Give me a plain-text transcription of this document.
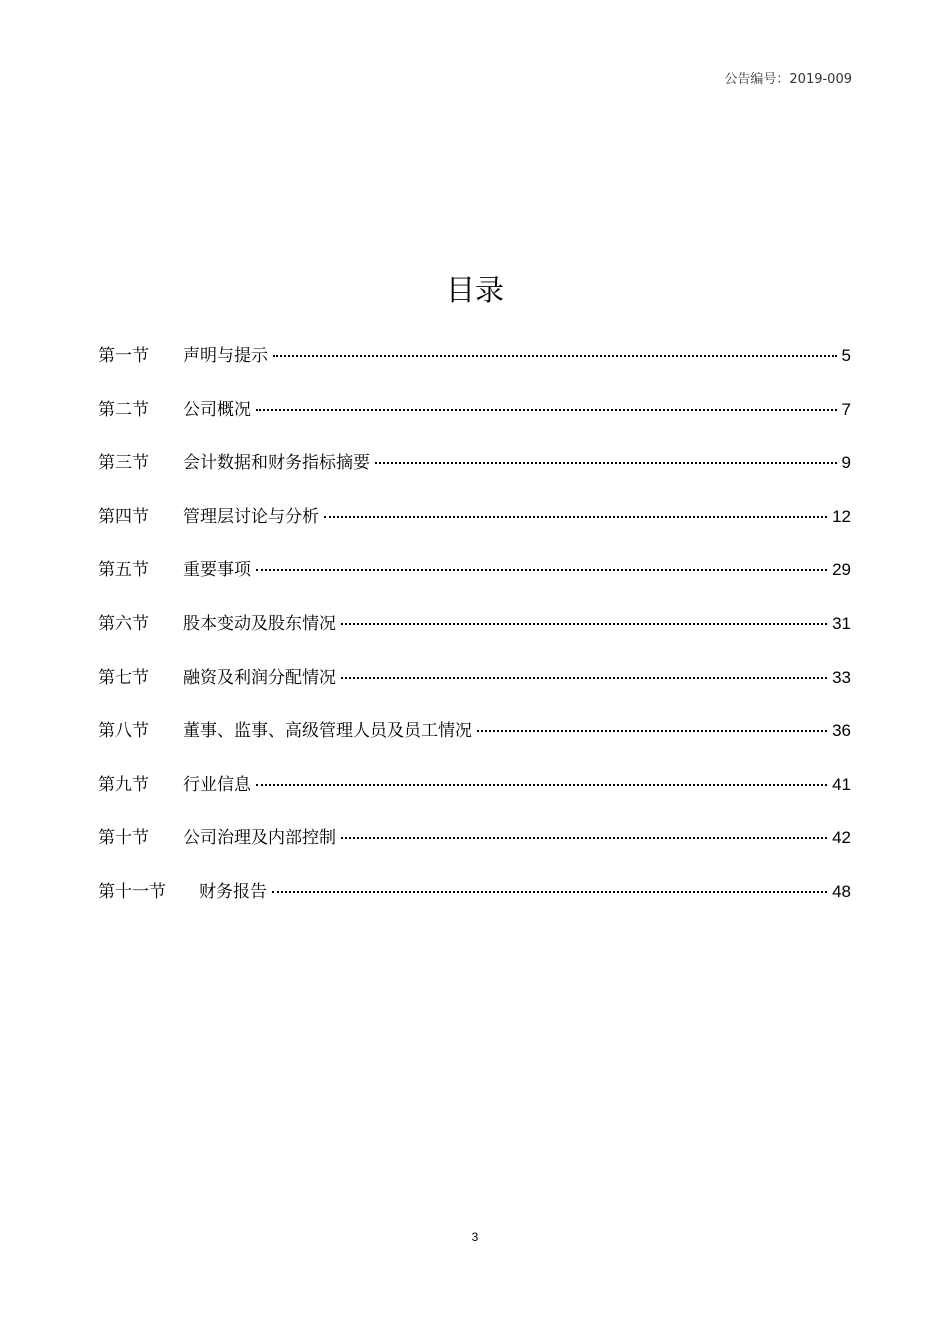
公告编号：2019-009
目录
第一节	声明与提示	5
第二节	公司概况	7
第三节	会计数据和财务指标摘要	9
第四节	管理层讨论与分析	12
第五节	重要事项	29
第六节	股本变动及股东情况	31
第七节	融资及利润分配情况	33
第八节	董事、监事、高级管理人员及员工情况	36
第九节	行业信息	41
第十节	公司治理及内部控制	42
第十一节	财务报告	48
3
